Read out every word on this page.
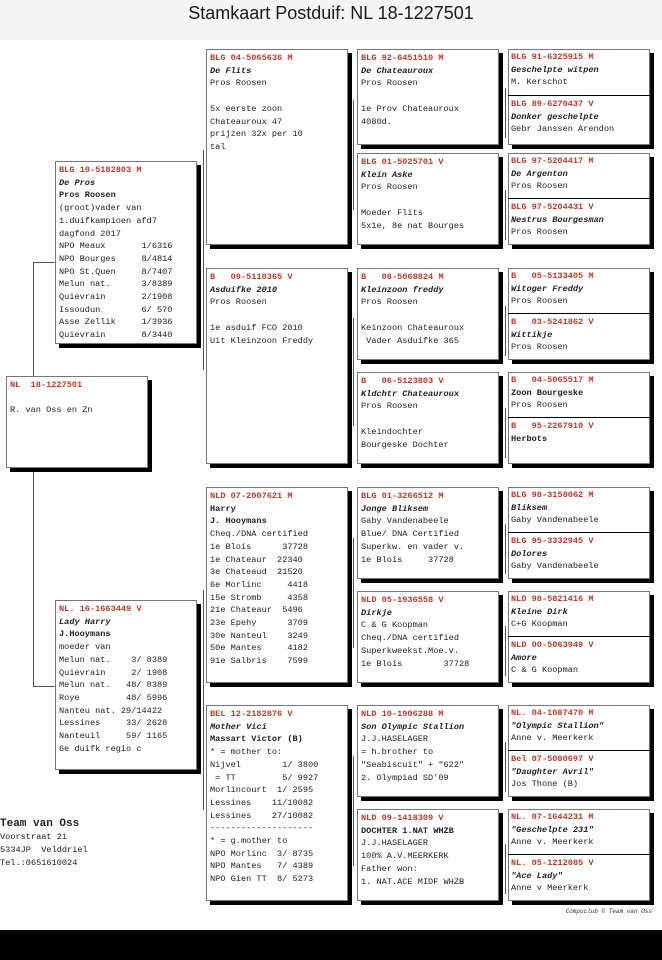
Stamkaart Postduif: NL 18-1227501
NL  18-1227501
R. van Oss en Zn
BLG 10-5182803 M
De Pros
Pros Roosen
(groot)vader van
1.duifkampioen afd7
dagfond 2017
NPO Meaux       1/6316
NPO Bourges     8/4814
NPO St.Quen     8/7407
Melun nat.      3/8389
Quievrain       2/1908
Issoudun        6/ 570
Asse Zellik     1/3936
Quievrain       8/3440
NL. 16-1663449 V
Lady Harry
J.Hooymans
moeder van
Melun nat.    3/ 8389
Quievrain     2/ 1908
Melun nat.   48/ 8389
Roye         48/ 5996
Nanteu nat. 29/14422
Lessines     33/ 2628
Nanteuil     59/ 1165
6e duifk regio c
BLG 04-5065636 M
De Flits
Pros Roosen
5x eerste zoon
Chateauroux 47
prijzen 32x per 10
tal
B   09-5110365 V
Asduifke 2010
Pros Roosen
1e asduif FCO 2010
Uit Kleinzoon Freddy
NLD 07-2007621 M
Harry
J. Hooymans
Cheq./DNA certified
1e Blois      37728
1e Chateaur  22340
3e Chateaud  21520
6e Morlinc     4418
15e Stromb     4358
21e Chateaur  5496
23e Epehy      3709
30e Nanteul    3249
50e Mantes     4182
91e Salbris    7599
BEL 12-2182876 V
Mother Vici
Massart Victor (B)
* = mother to:
Nijvel        1/ 3800
= TT         5/ 9927
Morlincourt  1/ 2595
Lessines    11/10082
Lessines    27/10082
--------------------
* = g.mother to
NPO Morlinc  3/ 8735
NPO Mantes   7/ 4389
NPO Gien TT  8/ 5273
BLG 92-6451510 M
De Chateauroux
Pros Roosen
1e Prov Chateauroux
4080d.
BLG 01-5025701 V
Klein Aske
Pros Roosen
Moeder Flits
5x1e, 8e nat Bourges
B   08-5068824 M
Kleinzoon freddy
Pros Roosen
Keinzoon Chateauroux
Vader Asduifke 365
B   06-5123803 V
Kldchtr Chateauroux
Pros Roosen
Kleindochter
Bourgeske Dochter
BLG 01-3266512 M
Jonge Bliksem
Gaby Vandenabeele
Blue/ DNA Certified
Superkw. en vader v.
1e Blois     37728
NLD 05-1936558 V
Dirkje
C & G Koopman
Cheq./DNA certified
Superkweekst.Moe.v.
1e Blois        37728
NLD 10-1906288 M
Son Olympic Stallion
J.J.HASELAGER
= h.brother to
"Seabiscuit" + "622"
2. Olympiad SD'09
NLD 09-1418309 V
DOCHTER 1.NAT WHZB
J.J.HASELAGER
100% A.V.MEERKERK
Father won:
1. NAT.ACE MIDF WHZB
BLG 91-6325915 M
Geschelpte witpen
M. Kerschot
BLG 89-6270437 V
Donker geschelpte
Gebr Janssen Arendon
BLG 97-5204417 M
De Argenton
Pros Roosen
BLG 97-5204431 V
Nestrus Bourgesman
Pros Roosen
B   05-5133405 M
Witoger Freddy
Pros Roosen
B   03-5241862 V
Wittikje
Pros Roosen
B   04-5065517 M
Zoon Bourgeske
Pros Roosen
B   95-2267910 V
Herbots
BLG 98-3158062 M
Bliksem
Gaby Vandenabeele
BLG 95-3332945 V
Dolores
Gaby Vandenabeele
NLD 98-5821416 M
Kleine Dirk
C+G Koopman
NLD 00-5063949 V
Amore
C & G Koopman
NL. 04-1087470 M
"Olympic Stallion"
Anne v. Meerkerk
Bel 07-5080697 V
"Daughter Avril"
Jos Thone (B)
NL. 07-1644231 M
"Geschelpte 231"
Anne v. Meerkerk
NL. 05-1212085 V
"Ace Lady"
Anne v Meerkerk
Team van Oss
Voorstraat 21
5334JP  Velddriel
Tel.:0651610024
Compuclub © Team van Oss
